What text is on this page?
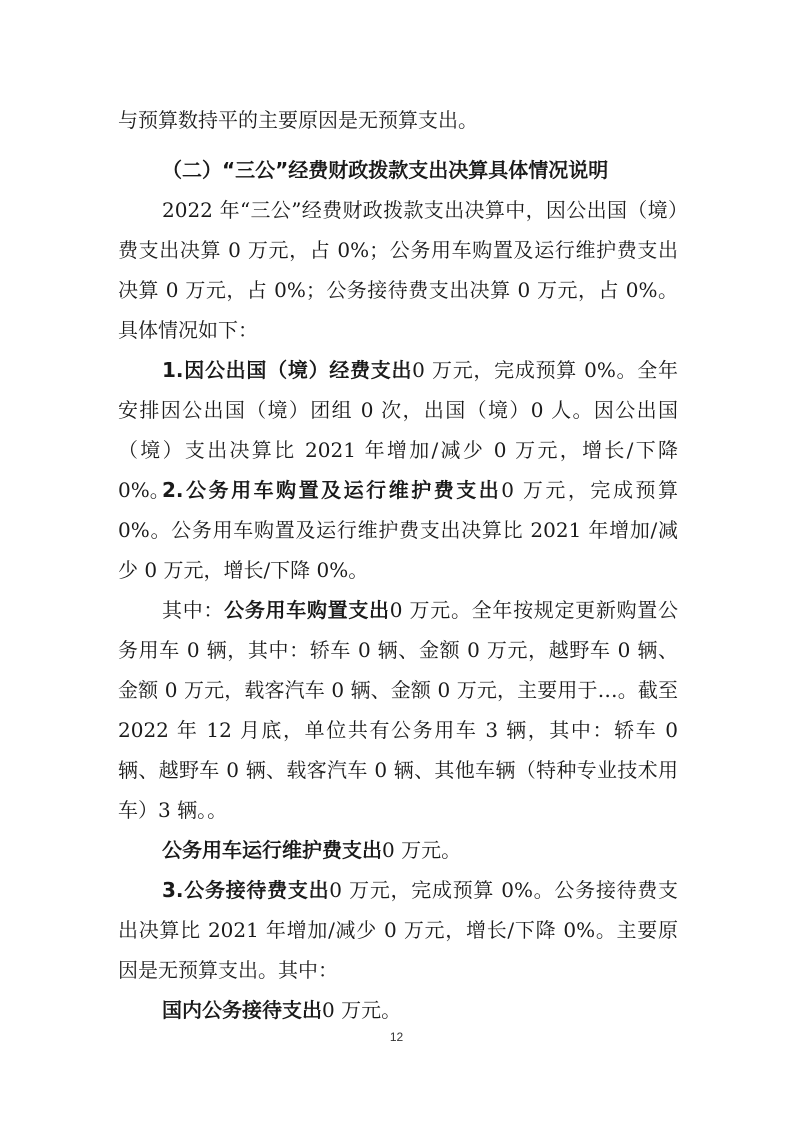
与预算数持平的主要原因是无预算支出。

（二）“三公”经费财政拨款支出决算具体情况说明

2022 年“三公”经费财政拨款支出决算中，因公出国（境）费支出决算 0 万元，占 0%；公务用车购置及运行维护费支出决算 0 万元，占 0%；公务接待费支出决算 0 万元，占 0%。具体情况如下：

1.因公出国（境）经费支出0 万元，完成预算 0%。全年安排因公出国（境）团组 0 次，出国（境）0 人。因公出国（境）支出决算比 2021 年增加/减少 0 万元，增长/下降 0%。

2.公务用车购置及运行维护费支出0 万元，完成预算 0%。公务用车购置及运行维护费支出决算比 2021 年增加/减少 0 万元，增长/下降 0%。

其中：公务用车购置支出0 万元。全年按规定更新购置公务用车 0 辆，其中：轿车 0 辆、金额 0 万元，越野车 0 辆、金额 0 万元，载客汽车 0 辆、金额 0 万元，主要用于…。截至 2022 年 12 月底，单位共有公务用车 3 辆，其中：轿车 0 辆、越野车 0 辆、载客汽车 0 辆、其他车辆（特种专业技术用车）3 辆。。

公务用车运行维护费支出0 万元。

3.公务接待费支出0 万元，完成预算 0%。公务接待费支出决算比 2021 年增加/减少 0 万元，增长/下降 0%。主要原因是无预算支出。其中：

国内公务接待支出0 万元。

12
